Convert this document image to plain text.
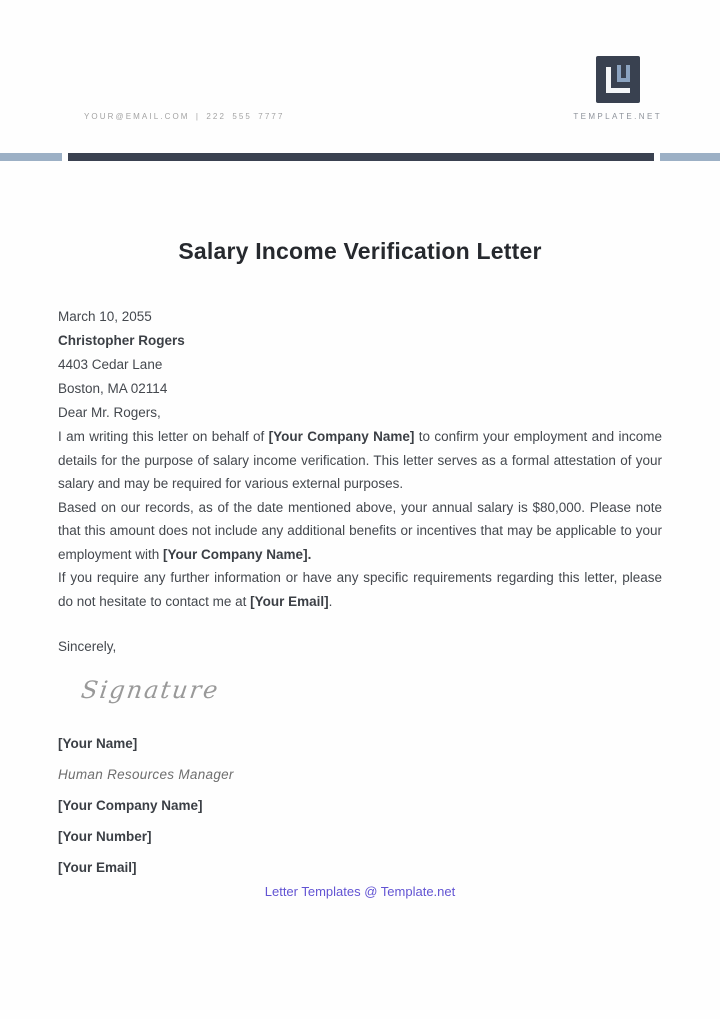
YOUR@EMAIL.COM | 222 555 7777	TEMPLATE.NET
Salary Income Verification Letter

March 10, 2055

Christopher Rogers

4403 Cedar Lane

Boston, MA 02114

Dear Mr. Rogers,

I am writing this letter on behalf of [Your Company Name] to confirm your employment and income details for the purpose of salary income verification. This letter serves as a formal attestation of your salary and may be required for various external purposes.

Based on our records, as of the date mentioned above, your annual salary is $80,000. Please note that this amount does not include any additional benefits or incentives that may be applicable to your employment with [Your Company Name].

If you require any further information or have any specific requirements regarding this letter, please do not hesitate to contact me at [Your Email].

Sincerely,

Signature

[Your Name]

Human Resources Manager

[Your Company Name]

[Your Number]

[Your Email]

Letter Templates @ Template.net
